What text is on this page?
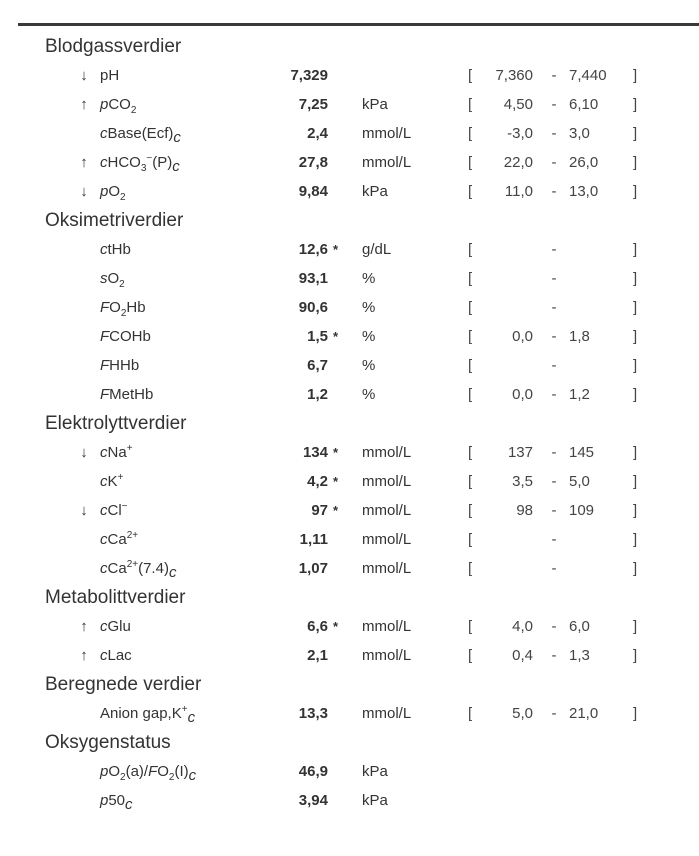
Blodgassverdier
↓ pH	7,329	[	7,360 - 7,440 ]
↑ pCO$_2$	7,25 kPa	[	4,50 - 6,10 ]
cBase(Ecf)c	2,4 mmol/L	[	-3,0 - 3,0	]
↑ cHCO$_3$−(P)c	27,8 mmol/L	[	22,0 - 26,0 ]
↓ $pO_2$	9,84 kPa	[	11,0 - 13,0 ]
Oksimetriverdier
ctHb	12,6 *	g/dL	[	-	]
$sO_2$	93,1 %	[	-	]
$FO_2Hb$	90,6 %	[	-	]
FCOHb	1,5 *	%	[	0,0 - 1,8	]
FHHb	6,7 %	[	-	]
FMetHb	1,2 %	[	0,0 - 1,2	]
Elektrolyttverdier
↓ cNa+	134 *	mmol/L	[	137 - 145	]
cK+	4,2 *	mmol/L	[	3,5 - 5,0	]
↓ cCl−	97 *	mmol/L	[	98 - 109	]
cCa$^{2+}$	1,11 mmol/L	[	-	]
cCa$^{2+}$(7.4)c	1,07 mmol/L	[	-	]
Metabolittverdier
↑ cGlu	6,6 *	mmol/L	[	4,0 - 6,0	]
↑ cLac	2,1 mmol/L	[	0,4 - 1,3	]
Beregnede verdier
Anion gap,K+c	13,3 mmol/L	[	5,0 - 21,0 ]
Oksygenstatus
$pO_2(a)/FO_2(I)c$	46,9 kPa
p50c	3,94 kPa
